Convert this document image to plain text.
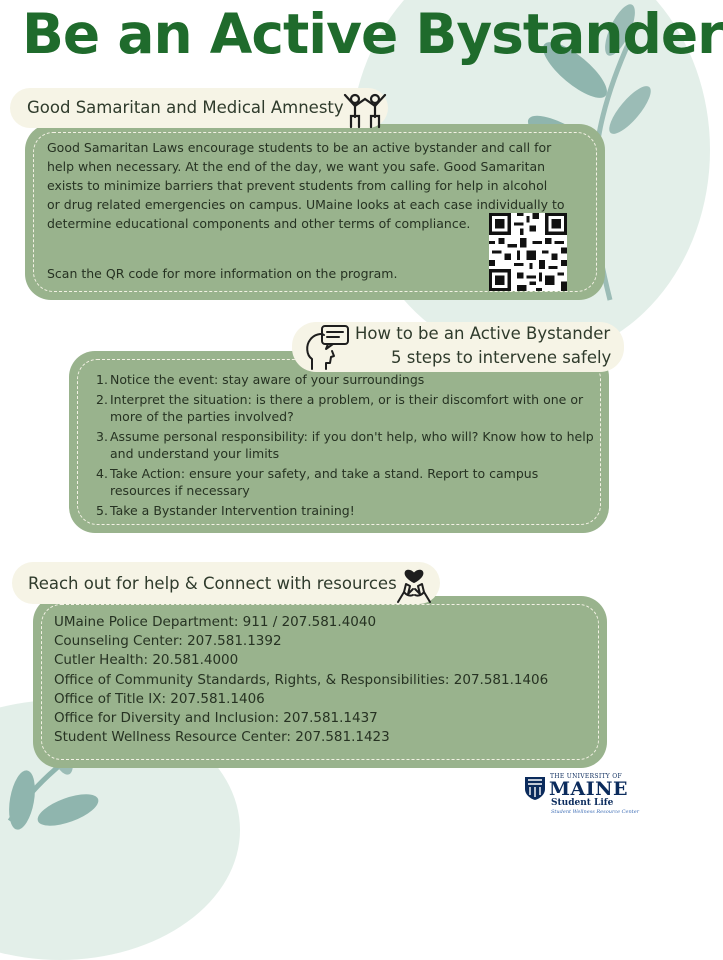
Be an Active Bystander
Good Samaritan and Medical Amnesty
Good Samaritan Laws encourage students to be an active bystander and call for
help when necessary. At the end of the day, we want you safe. Good Samaritan
exists to minimize barriers that prevent students from calling for help in alcohol
or drug related emergencies on campus. UMaine looks at each case individually to
determine educational components and other terms of compliance.
Scan the QR code for more information on the program.
How to be an Active Bystander
5 steps to intervene safely
1. Notice the event: stay aware of your surroundings
2. Interpret the situation: is there a problem, or is their discomfort with one or more of the parties involved?
3. Assume personal responsibility: if you don't help, who will? Know how to help and understand your limits
4. Take Action: ensure your safety, and take a stand. Report to campus resources if necessary
5. Take a Bystander Intervention training!
Reach out for help & Connect with resources
UMaine Police Department: 911 / 207.581.4040
Counseling Center: 207.581.1392
Cutler Health: 20.581.4000
Office of Community Standards, Rights, & Responsibilities: 207.581.1406
Office of Title IX: 207.581.1406
Office for Diversity and Inclusion: 207.581.1437
Student Wellness Resource Center: 207.581.1423
THE UNIVERSITY OF
MAINE
Student Life
Student Wellness Resource Center
